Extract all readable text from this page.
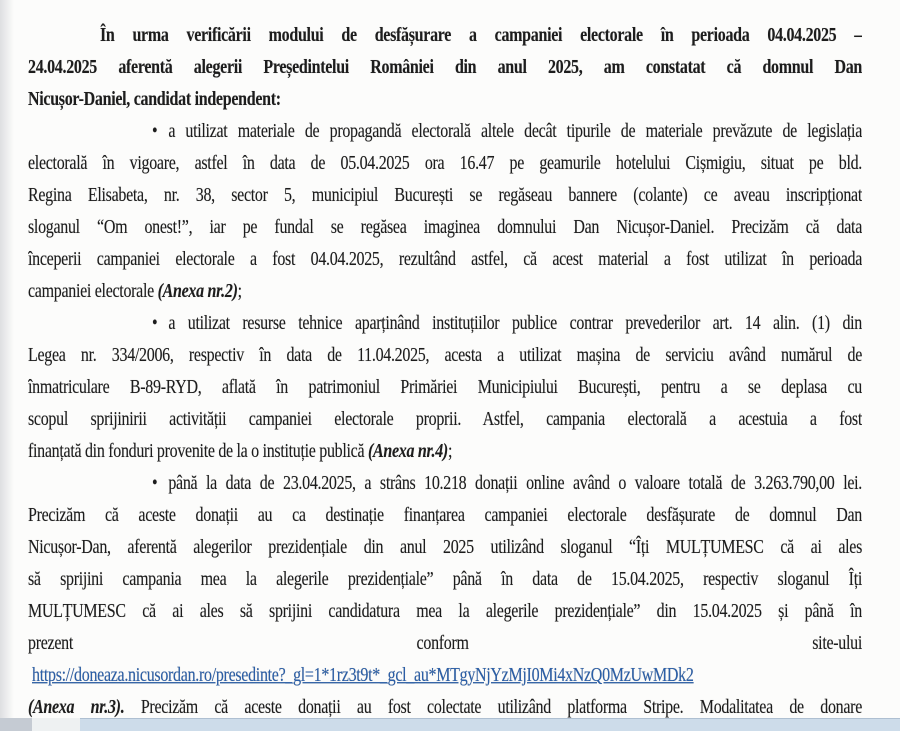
În urma verificării modului de desfășurare a campaniei electorale în perioada 04.04.2025 –
24.04.2025 aferentă alegerii Președintelui României din anul 2025, am constatat că domnul Dan
Nicușor-Daniel, candidat independent:
• a utilizat materiale de propagandă electorală altele decât tipurile de materiale prevăzute de legislația
electorală în vigoare, astfel în data de 05.04.2025 ora 16.47 pe geamurile hotelului Cișmigiu, situat pe bld.
Regina Elisabeta, nr. 38, sector 5, municipiul București se regăseau bannere (colante) ce aveau inscripționat
sloganul “Om onest!”, iar pe fundal se regăsea imaginea domnului Dan Nicușor-Daniel. Precizăm că data
începerii campaniei electorale a fost 04.04.2025, rezultând astfel, că acest material a fost utilizat în perioada
campaniei electorale (Anexa nr.2);
• a utilizat resurse tehnice aparținând instituțiilor publice contrar prevederilor art. 14 alin. (1) din
Legea nr. 334/2006, respectiv în data de 11.04.2025, acesta a utilizat mașina de serviciu având numărul de
înmatriculare B-89-RYD, aflată în patrimoniul Primăriei Municipiului București, pentru a se deplasa cu
scopul sprijinirii activității campaniei electorale proprii. Astfel, campania electorală a acestuia a fost
finanțată din fonduri provenite de la o instituție publică (Anexa nr.4);
• până la data de 23.04.2025, a strâns 10.218 donații online având o valoare totală de 3.263.790,00 lei.
Precizăm că aceste donații au ca destinație finanțarea campaniei electorale desfășurate de domnul Dan
Nicușor-Dan, aferentă alegerilor prezidențiale din anul 2025 utilizând sloganul “Îți MULȚUMESC că ai ales
să sprijini campania mea la alegerile prezidențiale” până în data de 15.04.2025, respectiv sloganul Îți
MULȚUMESC că ai ales să sprijini candidatura mea la alegerile prezidențiale” din 15.04.2025 și până în
prezent conform site-ului
https://doneaza.nicusordan.ro/presedinte?_gl=1*1rz3t9t*_gcl_au*MTgyNjYzMjI0Mi4xNzQ0MzUwMDk2
(Anexa nr.3). Precizăm că aceste donații au fost colectate utilizând platforma Stripe. Modalitatea de donare
